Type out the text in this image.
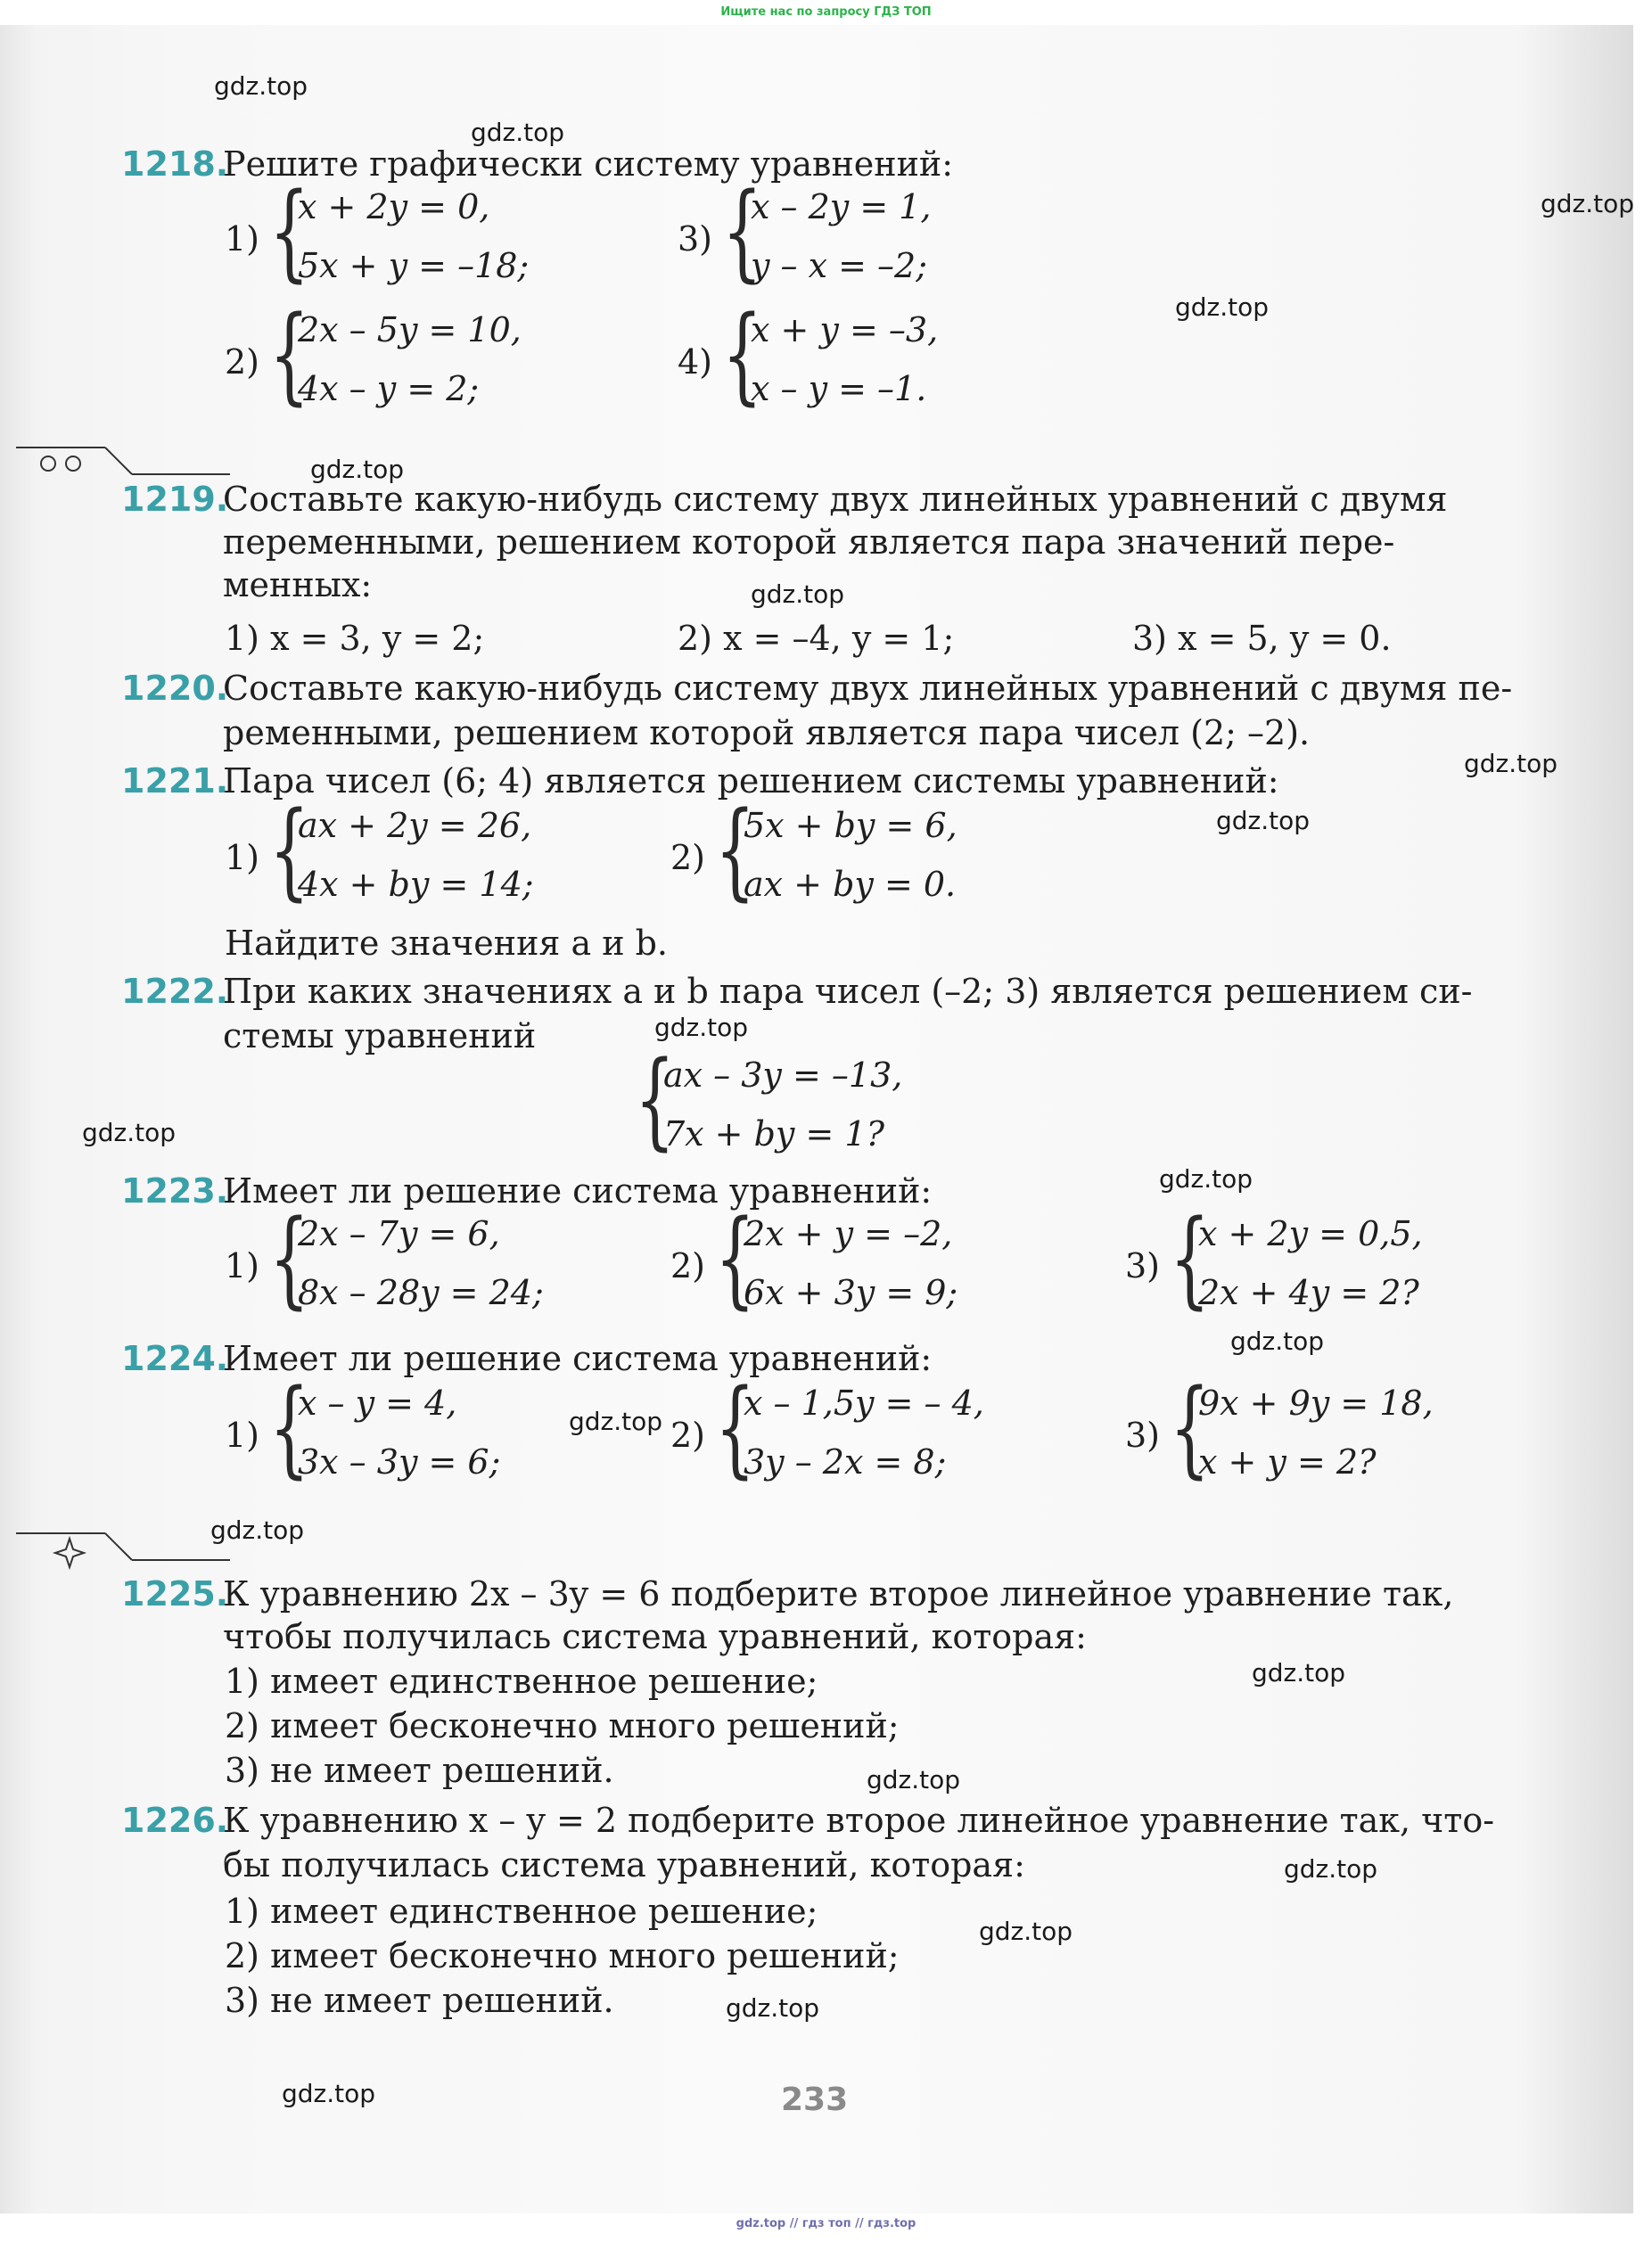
Ищите нас по запросу ГДЗ ТОП
gdz.top
gdz.top
gdz.top
gdz.top
gdz.top
gdz.top
gdz.top
gdz.top
gdz.top
gdz.top
gdz.top
gdz.top
gdz.top
gdz.top
gdz.top
gdz.top
gdz.top
gdz.top
gdz.top
gdz.top
1218.
Решите графически систему уравнений:
1) {
x + 2y = 0,
5x + y = –18;
2) {
2x – 5y = 10,
4x – y = 2;
3) {
x – 2y = 1,
y – x = –2;
4) {
x + y = –3,
x – y = –1.
1219.
Составьте какую-нибудь систему двух линейных уравнений с двумя
переменными, решением которой является пара значений пере-
менных:
1) x = 3, y = 2;	2) x = –4, y = 1;	3) x = 5, y = 0.
1220.
Составьте какую-нибудь систему двух линейных уравнений с двумя пе-
ременными, решением которой является пара чисел (2; –2).
1221.
Пара чисел (6; 4) является решением системы уравнений:
1) {
ax + 2y = 26,
4x + by = 14;
2) {
5x + by = 6,
ax + by = 0.
Найдите значения a и b.
1222.
При каких значениях a и b пара чисел (–2; 3) является решением си-
стемы уравнений
{
ax – 3y = –13,
7x + by = 1?
1223.
Имеет ли решение система уравнений:
1) {
2x – 7y = 6,
8x – 28y = 24;
2) {
2x + y = –2,
6x + 3y = 9;
3) {
x + 2y = 0,5,
2x + 4y = 2?
1224.
Имеет ли решение система уравнений:
1) {
x – y = 4,
3x – 3y = 6;
2) {
x – 1,5y = – 4,
3y – 2x = 8;
3) {
9x + 9y = 18,
x + y = 2?
1225.
К уравнению 2x – 3y = 6 подберите второе линейное уравнение так,
чтобы получилась система уравнений, которая:
1) имеет единственное решение;
2) имеет бесконечно много решений;
3) не имеет решений.
1226.
К уравнению x – y = 2 подберите второе линейное уравнение так, что-
бы получилась система уравнений, которая:
1) имеет единственное решение;
2) имеет бесконечно много решений;
3) не имеет решений.
233
gdz.top // гдз топ // гдз.top
